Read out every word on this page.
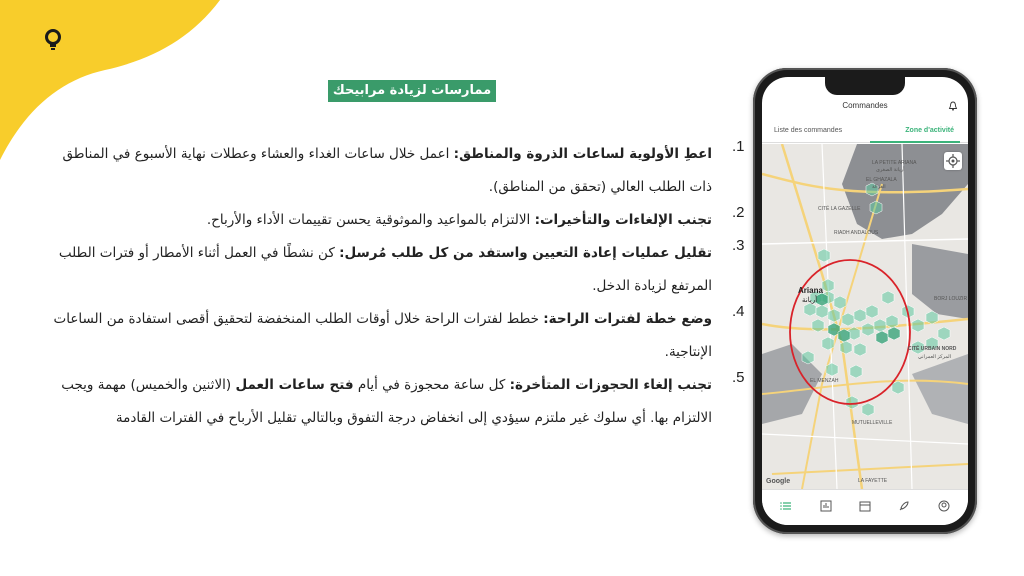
ممارسات لزيادة مرابيحك
.1

اعطِ الأولوية لساعات الذروة والمناطق: اعمل خلال ساعات الغداء والعشاء وعطلات نهاية الأسبوع في المناطق ذات الطلب العالي (تحقق من المناطق).

.2

تجنب الإلغاءات والتأخيرات: الالتزام بالمواعيد والموثوقية يحسن تقييمات الأداء والأرباح.

.3

تقليل عمليات إعادة التعيين واستفد من كل طلب مُرسل: كن نشطًا في العمل أثناء الأمطار أو فترات الطلب المرتفع لزيادة الدخل.

.4

وضع خطة لفترات الراحة: خطط لفترات الراحة خلال أوقات الطلب المنخفضة لتحقيق أقصى استفادة من الساعات الإنتاجية.

.5

تجنب إلغاء الحجوزات المتأخرة: كل ساعة محجوزة في أيام فتح ساعات العمل (الاثنين والخميس) مهمة ويجب الالتزام بها. أي سلوك غير ملتزم سيؤدي إلى انخفاض درجة التفوق وبالتالي تقليل الأرباح في الفترات القادمة

Commandes
Liste des commandes	Zone d'activité
LA PETITE ARIANA
أريانة الصغرى
EL GHAZALA
الغزالة
CITÉ LA GAZELLE
RIADH ANDALOUS
Ariana
أريانة	BORJ LOUZIR
CITÉ URBAIN NORD
المركز العمراني
EL MENZAH
MUTUELLEVILLE
LA FAYETTE
Google
